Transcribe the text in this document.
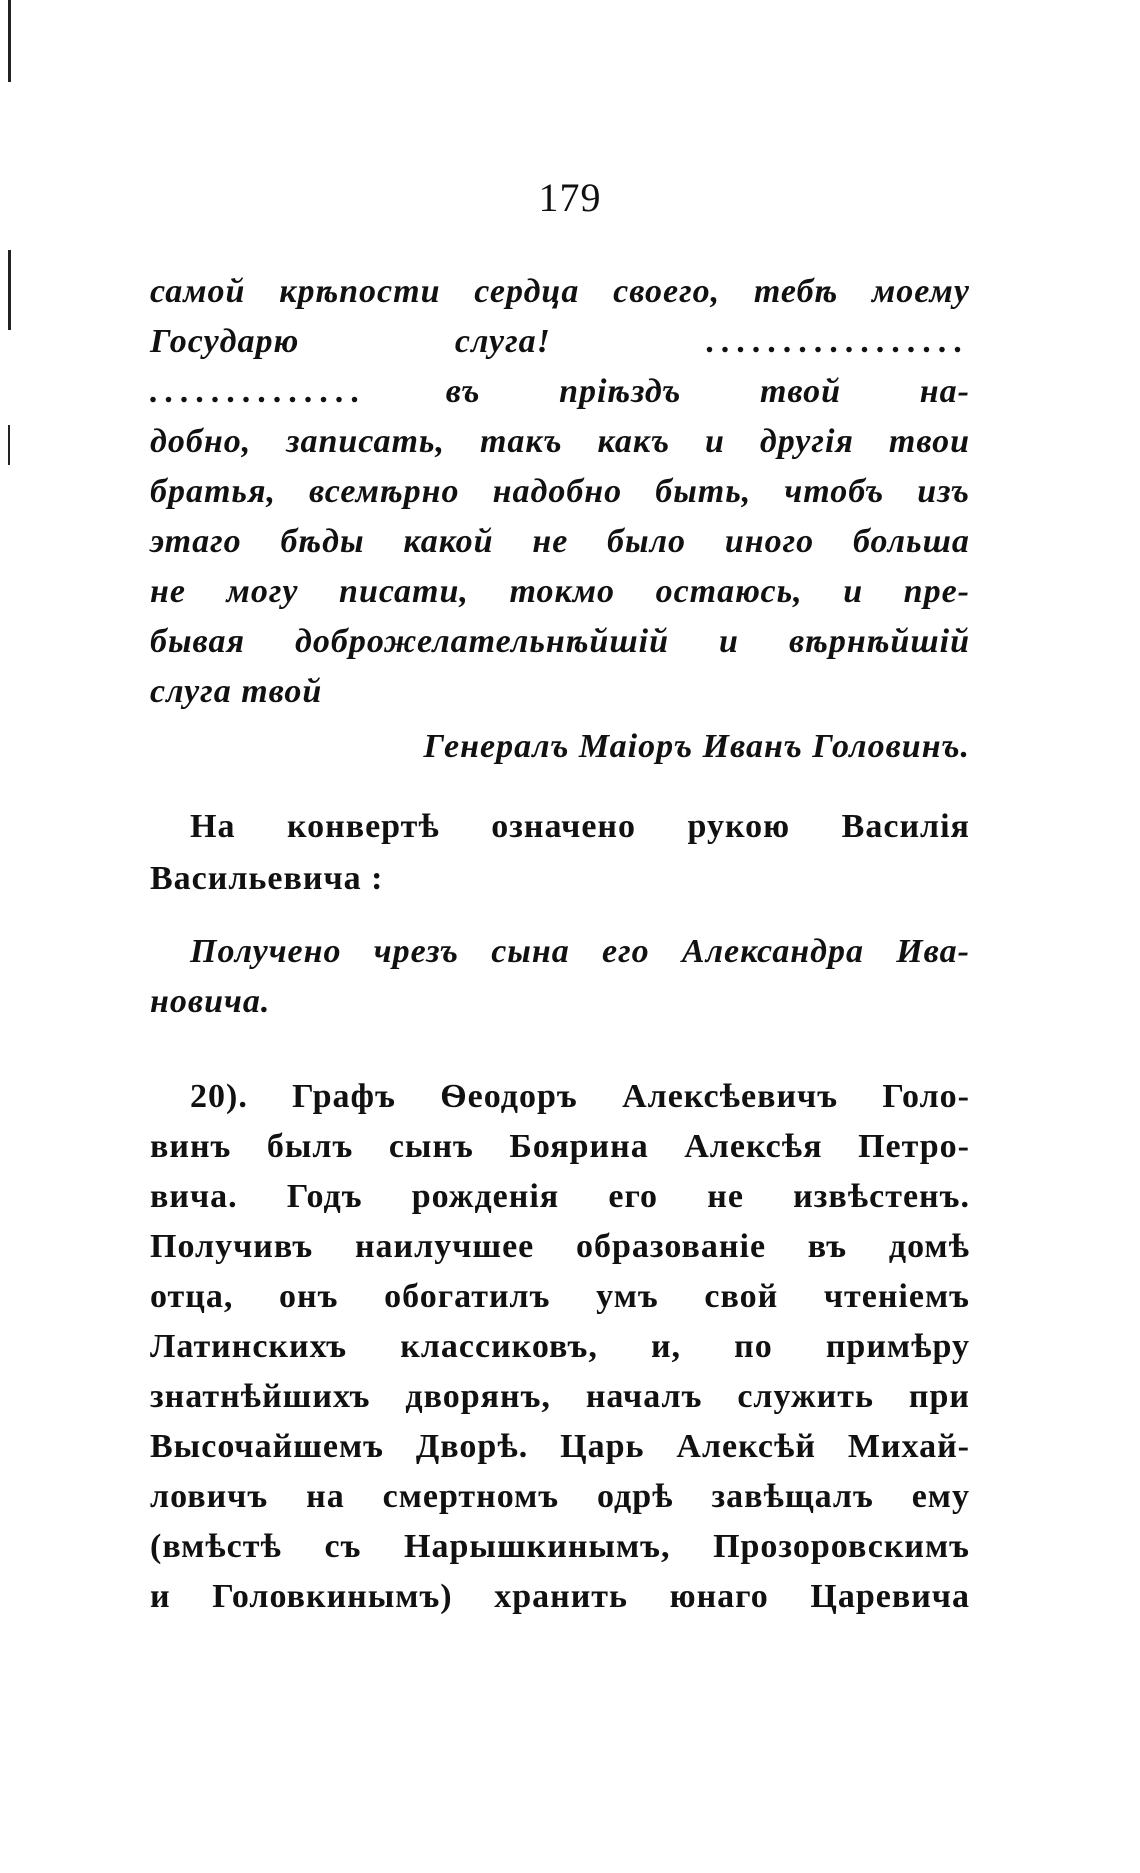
179
самой крѣпости сердца своего, тебѣ моему
Государю	слуга!	.................
.............. въ пріѣздъ твой на-
добно, записать, такъ какъ и другія твои
братья, всемѣрно надобно быть, чтобъ изъ
этаго бѣды какой не было иного больша
не могу писати, токмо остаюсь, и пре-
бывая доброжелательнѣйшій и вѣрнѣйшій
слуга твой
Генералъ Маіоръ Иванъ Головинъ.
На конвертѣ означено рукою Василія
Васильевича :
Получено чрезъ сына его Александра Ива-
новича.
20). Графъ Ѳеодоръ Алексѣевичъ Голо-
винъ былъ сынъ Боярина Алексѣя Петро-
вича. Годъ рожденія его не извѣстенъ.
Получивъ наилучшее образованіе въ домѣ
отца, онъ обогатилъ умъ свой чтеніемъ
Латинскихъ классиковъ, и, по примѣру
знатнѣйшихъ дворянъ, началъ служить при
Высочайшемъ Дворѣ. Царь Алексѣй Михай-
ловичъ на смертномъ одрѣ завѣщалъ ему
(вмѣстѣ съ Нарышкинымъ, Прозоровскимъ
и Головкинымъ) хранить юнаго Царевича
